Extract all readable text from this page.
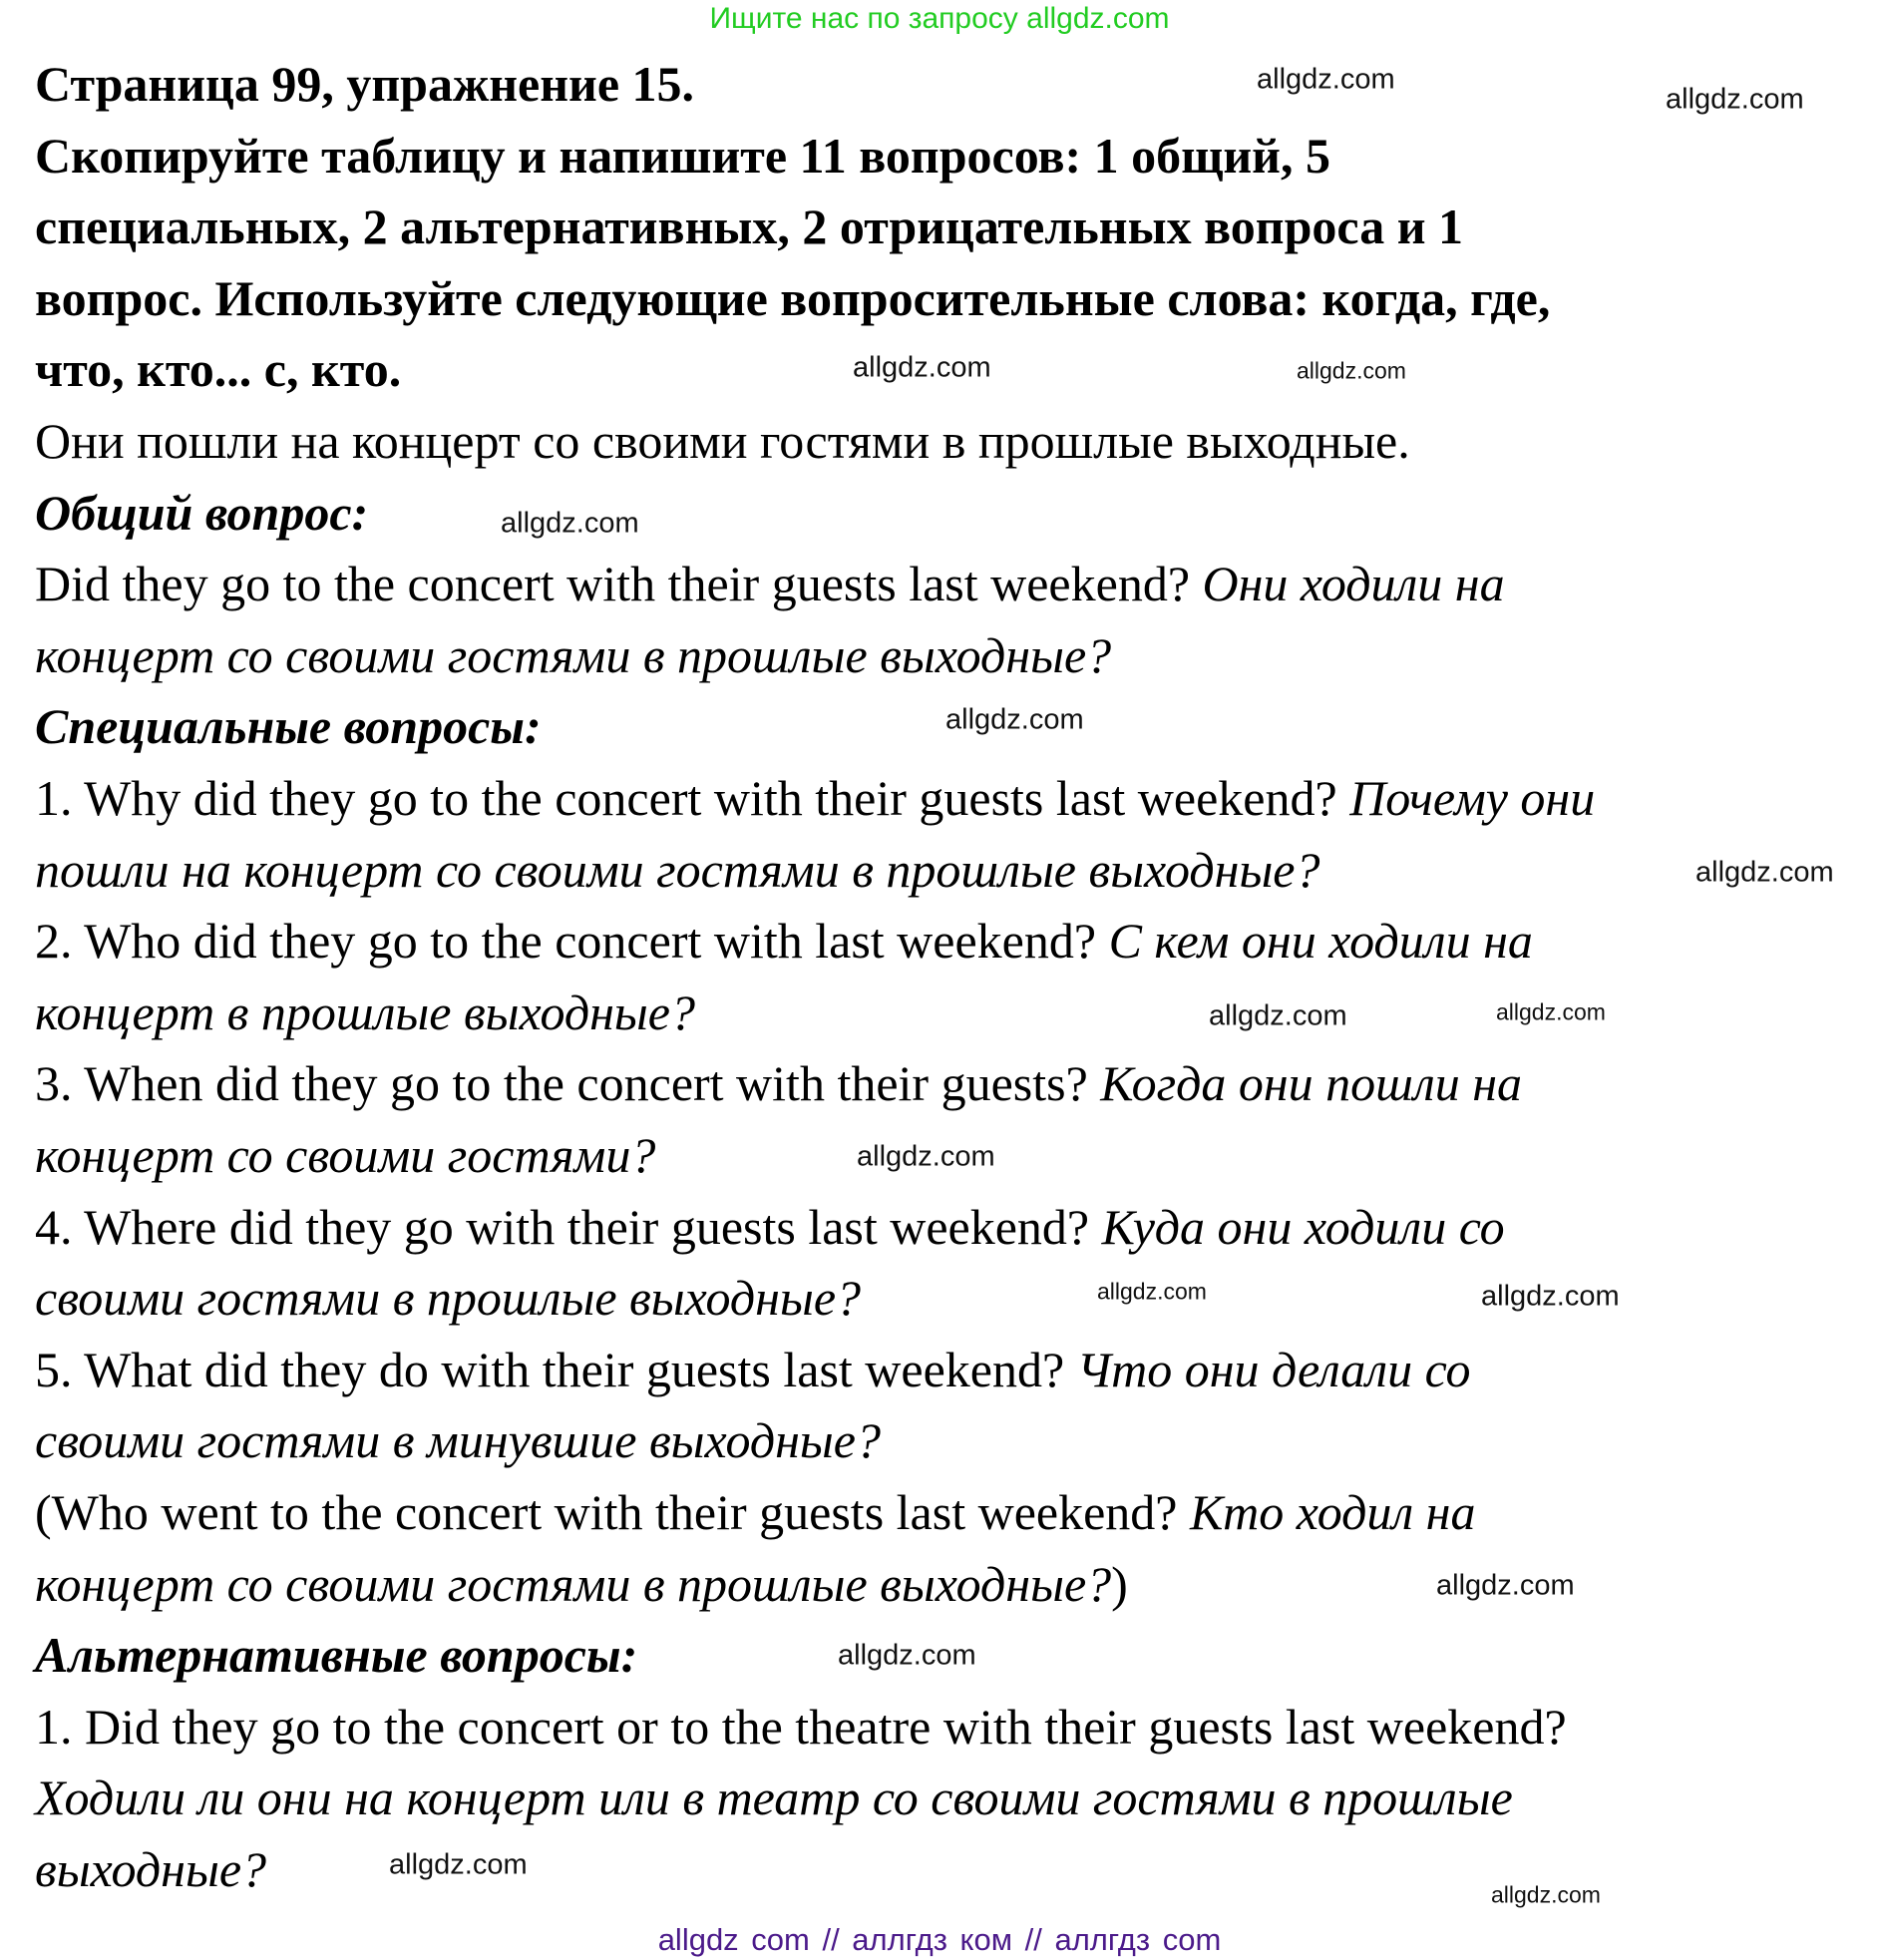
Ищите нас по запросу allgdz.com
Страница 99, упражнение 15.
Скопируйте таблицу и напишите 11 вопросов: 1 общий, 5
специальных, 2 альтернативных, 2 отрицательных вопроса и 1
вопрос. Используйте следующие вопросительные слова: когда, где,
что, кто... с, кто.
Они пошли на концерт со своими гостями в прошлые выходные.
Общий вопрос:
Did they go to the concert with their guests last weekend? Они ходили на
концерт со своими гостями в прошлые выходные?
Специальные вопросы:
1. Why did they go to the concert with their guests last weekend? Почему они
пошли на концерт со своими гостями в прошлые выходные?
2. Who did they go to the concert with last weekend? С кем они ходили на
концерт в прошлые выходные?
3. When did they go to the concert with their guests? Когда они пошли на
концерт со своими гостями?
4. Where did they go with their guests last weekend? Куда они ходили со
своими гостями в прошлые выходные?
5. What did they do with their guests last weekend? Что они делали со
своими гостями в минувшие выходные?
(Who went to the concert with their guests last weekend? Кто ходил на
концерт со своими гостями в прошлые выходные?)
Альтернативные вопросы:
1. Did they go to the concert or to the theatre with their guests last weekend?
Ходили ли они на концерт или в театр со своими гостями в прошлые
выходные?
allgdz.com
allgdz.com
allgdz.com
allgdz.com
allgdz.com
allgdz.com
allgdz.com
allgdz.com
allgdz.com
allgdz.com
allgdz.com	allgdz.com
allgdz.com
allgdz.com
allgdz.com
allgdz.com
allgdz com // аллгдз ком // аллгдз com
